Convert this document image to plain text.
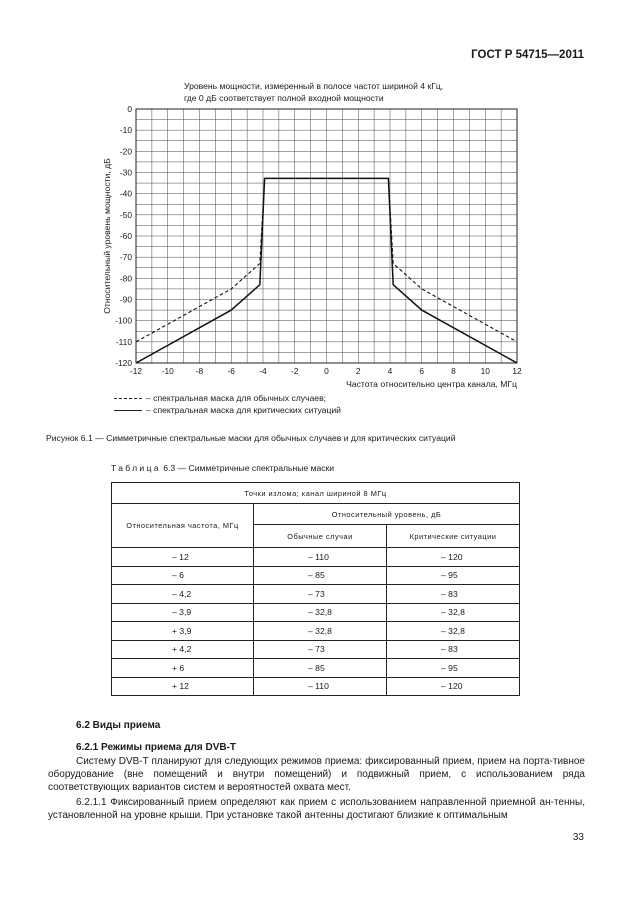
ГОСТ Р 54715—2011
Уровень мощности, измеренный в полосе частот шириной 4 кГц,
где 0 дБ соответствует полной входной мощности
0
-10
-20
-30
-40
-50
-60
-70
-80
-90
-100
-110
-120
-12 -10	-8	-6	-4	-2	0	2	4	6	8	10	12
Частота относительно центра канала, МГц
Относительный уровень мощности, дБ
– спектральная маска для обычных случаев;
– спектральная маска для критических ситуаций
Рисунок 6.1 — Симметричные спектральные маски для обычных случаев и для критических ситуаций
Таблица 6.3 — Симметричные спектральные маски
Точки излома; канал шириной 8 МГц		
Относительная частота, МГц	Относительный уровень, дБ	
	Обычные случаи	Критические ситуации
– 12	– 110	– 120
– 6	– 85	– 95
– 4,2	– 73	– 83
– 3,9	– 32,8	– 32,8
+ 3,9	– 32,8	– 32,8
+ 4,2	– 73	– 83
+ 6	– 85	– 95
+ 12	– 110	– 120
6.2 Виды приема
6.2.1 Режимы приема для DVB-T

Систему DVB-T планируют для следующих режимов приема: фиксированный прием, прием на порта-тивное оборудование (вне помещений и внутри помещений) и подвижный прием, с использованием ряда соответствующих вариантов систем и вероятностей охвата мест.

6.2.1.1 Фиксированный прием определяют как прием с использованием направленной приемной ан-тенны, установленной на уровне крыши. При установке такой антенны достигают близкие к оптимальным

33
